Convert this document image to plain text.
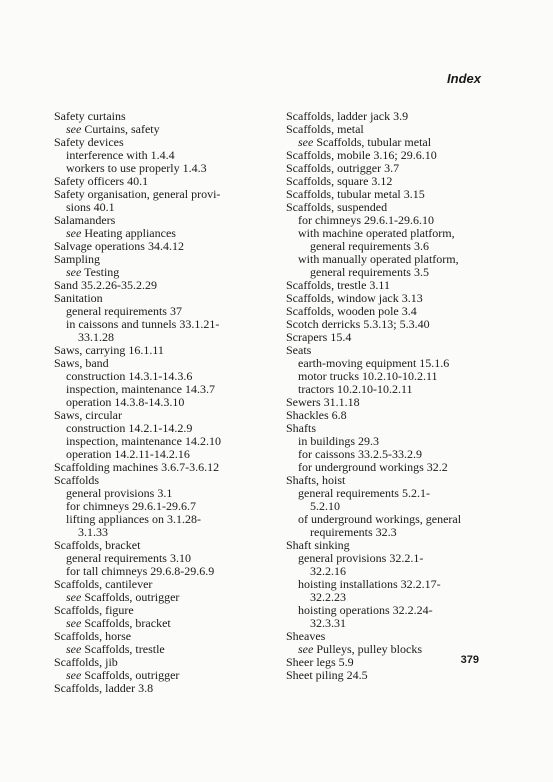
Index
Safety curtains
see Curtains, safety
Safety devices
interference with 1.4.4
workers to use properly 1.4.3
Safety officers 40.1
Safety organisation, general provi-
sions 40.1
Salamanders
see Heating appliances
Salvage operations 34.4.12
Sampling
see Testing
Sand 35.2.26-35.2.29
Sanitation
general requirements 37
in caissons and tunnels 33.1.21-
33.1.28
Saws, carrying 16.1.11
Saws, band
construction 14.3.1-14.3.6
inspection, maintenance 14.3.7
operation 14.3.8-14.3.10
Saws, circular
construction 14.2.1-14.2.9
inspection, maintenance 14.2.10
operation 14.2.11-14.2.16
Scaffolding machines 3.6.7-3.6.12
Scaffolds
general provisions 3.1
for chimneys 29.6.1-29.6.7
lifting appliances on 3.1.28-
3.1.33
Scaffolds, bracket
general requirements 3.10
for tall chimneys 29.6.8-29.6.9
Scaffolds, cantilever
see Scaffolds, outrigger
Scaffolds, figure
see Scaffolds, bracket
Scaffolds, horse
see Scaffolds, trestle
Scaffolds, jib
see Scaffolds, outrigger
Scaffolds, ladder 3.8
Scaffolds, ladder jack 3.9
Scaffolds, metal
see Scaffolds, tubular metal
Scaffolds, mobile 3.16; 29.6.10
Scaffolds, outrigger 3.7
Scaffolds, square 3.12
Scaffolds, tubular metal 3.15
Scaffolds, suspended
for chimneys 29.6.1-29.6.10
with machine operated platform,
general requirements 3.6
with manually operated platform,
general requirements 3.5
Scaffolds, trestle 3.11
Scaffolds, window jack 3.13
Scaffolds, wooden pole 3.4
Scotch derricks 5.3.13; 5.3.40
Scrapers 15.4
Seats
earth-moving equipment 15.1.6
motor trucks 10.2.10-10.2.11
tractors 10.2.10-10.2.11
Sewers 31.1.18
Shackles 6.8
Shafts
in buildings 29.3
for caissons 33.2.5-33.2.9
for underground workings 32.2
Shafts, hoist
general requirements 5.2.1-
5.2.10
of underground workings, general
requirements 32.3
Shaft sinking
general provisions 32.2.1-
32.2.16
hoisting installations 32.2.17-
32.2.23
hoisting operations 32.2.24-
32.3.31
Sheaves
see Pulleys, pulley blocks
Sheer legs 5.9
Sheet piling 24.5
379
